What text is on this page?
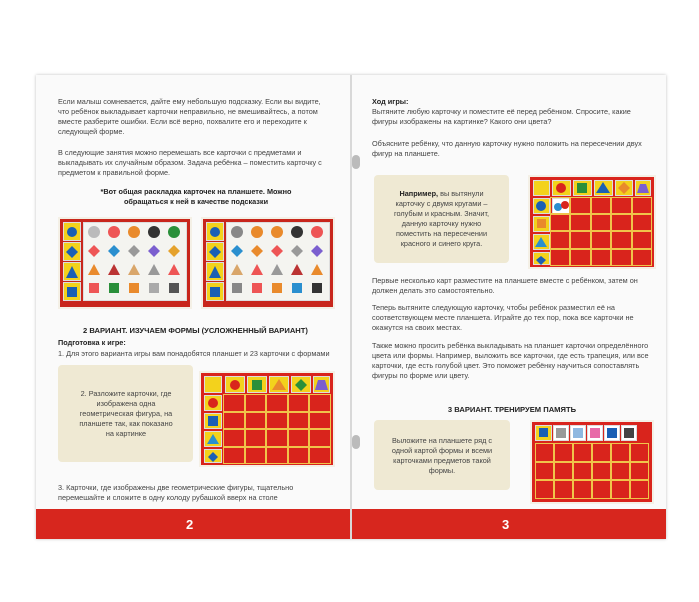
Если малыш сомневается, дайте ему небольшую подсказку. Если вы видите, что ребёнок выкладывает карточки неправильно, не вмешивайтесь, а потом вместе разберите ошибки. Если всё верно, похвалите его и переходите к следующей форме.
В следующие занятия можно перемешать все карточки с предметами и выкладывать их случайным образом. Задача ребёнка – поместить карточку с предметом к правильной форме.
*Вот общая раскладка карточек на планшете. Можно обращаться к ней в качестве подсказки
2 ВАРИАНТ. ИЗУЧАЕМ ФОРМЫ (УСЛОЖНЕННЫЙ ВАРИАНТ)
Подготовка к игре:
1. Для этого варианта игры вам понадобятся планшет и 23 карточки с формами
2. Разложите карточки, где изображена одна геометрическая фигура, на планшете так, как показано на картинке
3. Карточки, где изображены две геометрические фигуры, тщательно перемешайте и сложите в одну колоду рубашкой вверх на столе
2
Ход игры:
Вытяните любую карточку и поместите её перед ребёнком. Спросите, какие фигуры изображены на картинке? Какого они цвета?
Объясните ребёнку, что данную карточку нужно положить на пересечении двух фигур на планшете.
Например, вы вытянули карточку с двумя кругами – голубым и красным. Значит, данную карточку нужно поместить на пересечении красного и синего круга.
Первые несколько карт разместите на планшете вместе с ребёнком, затем он должен делать это самостоятельно.
Теперь вытяните следующую карточку, чтобы ребёнок разместил её на соответствующем месте планшета. Играйте до тех пор, пока все карточки не окажутся на своих местах.
Также можно просить ребёнка выкладывать на планшет карточки определённого цвета или формы. Например, выложить все карточки, где есть трапеция, или все карточки, где есть голубой цвет. Это поможет ребёнку научиться сопоставлять фигуры по форме или цвету.
3 ВАРИАНТ. ТРЕНИРУЕМ ПАМЯТЬ
Выложите на планшете ряд с одной картой формы и всеми карточками предметов такой формы.
3
